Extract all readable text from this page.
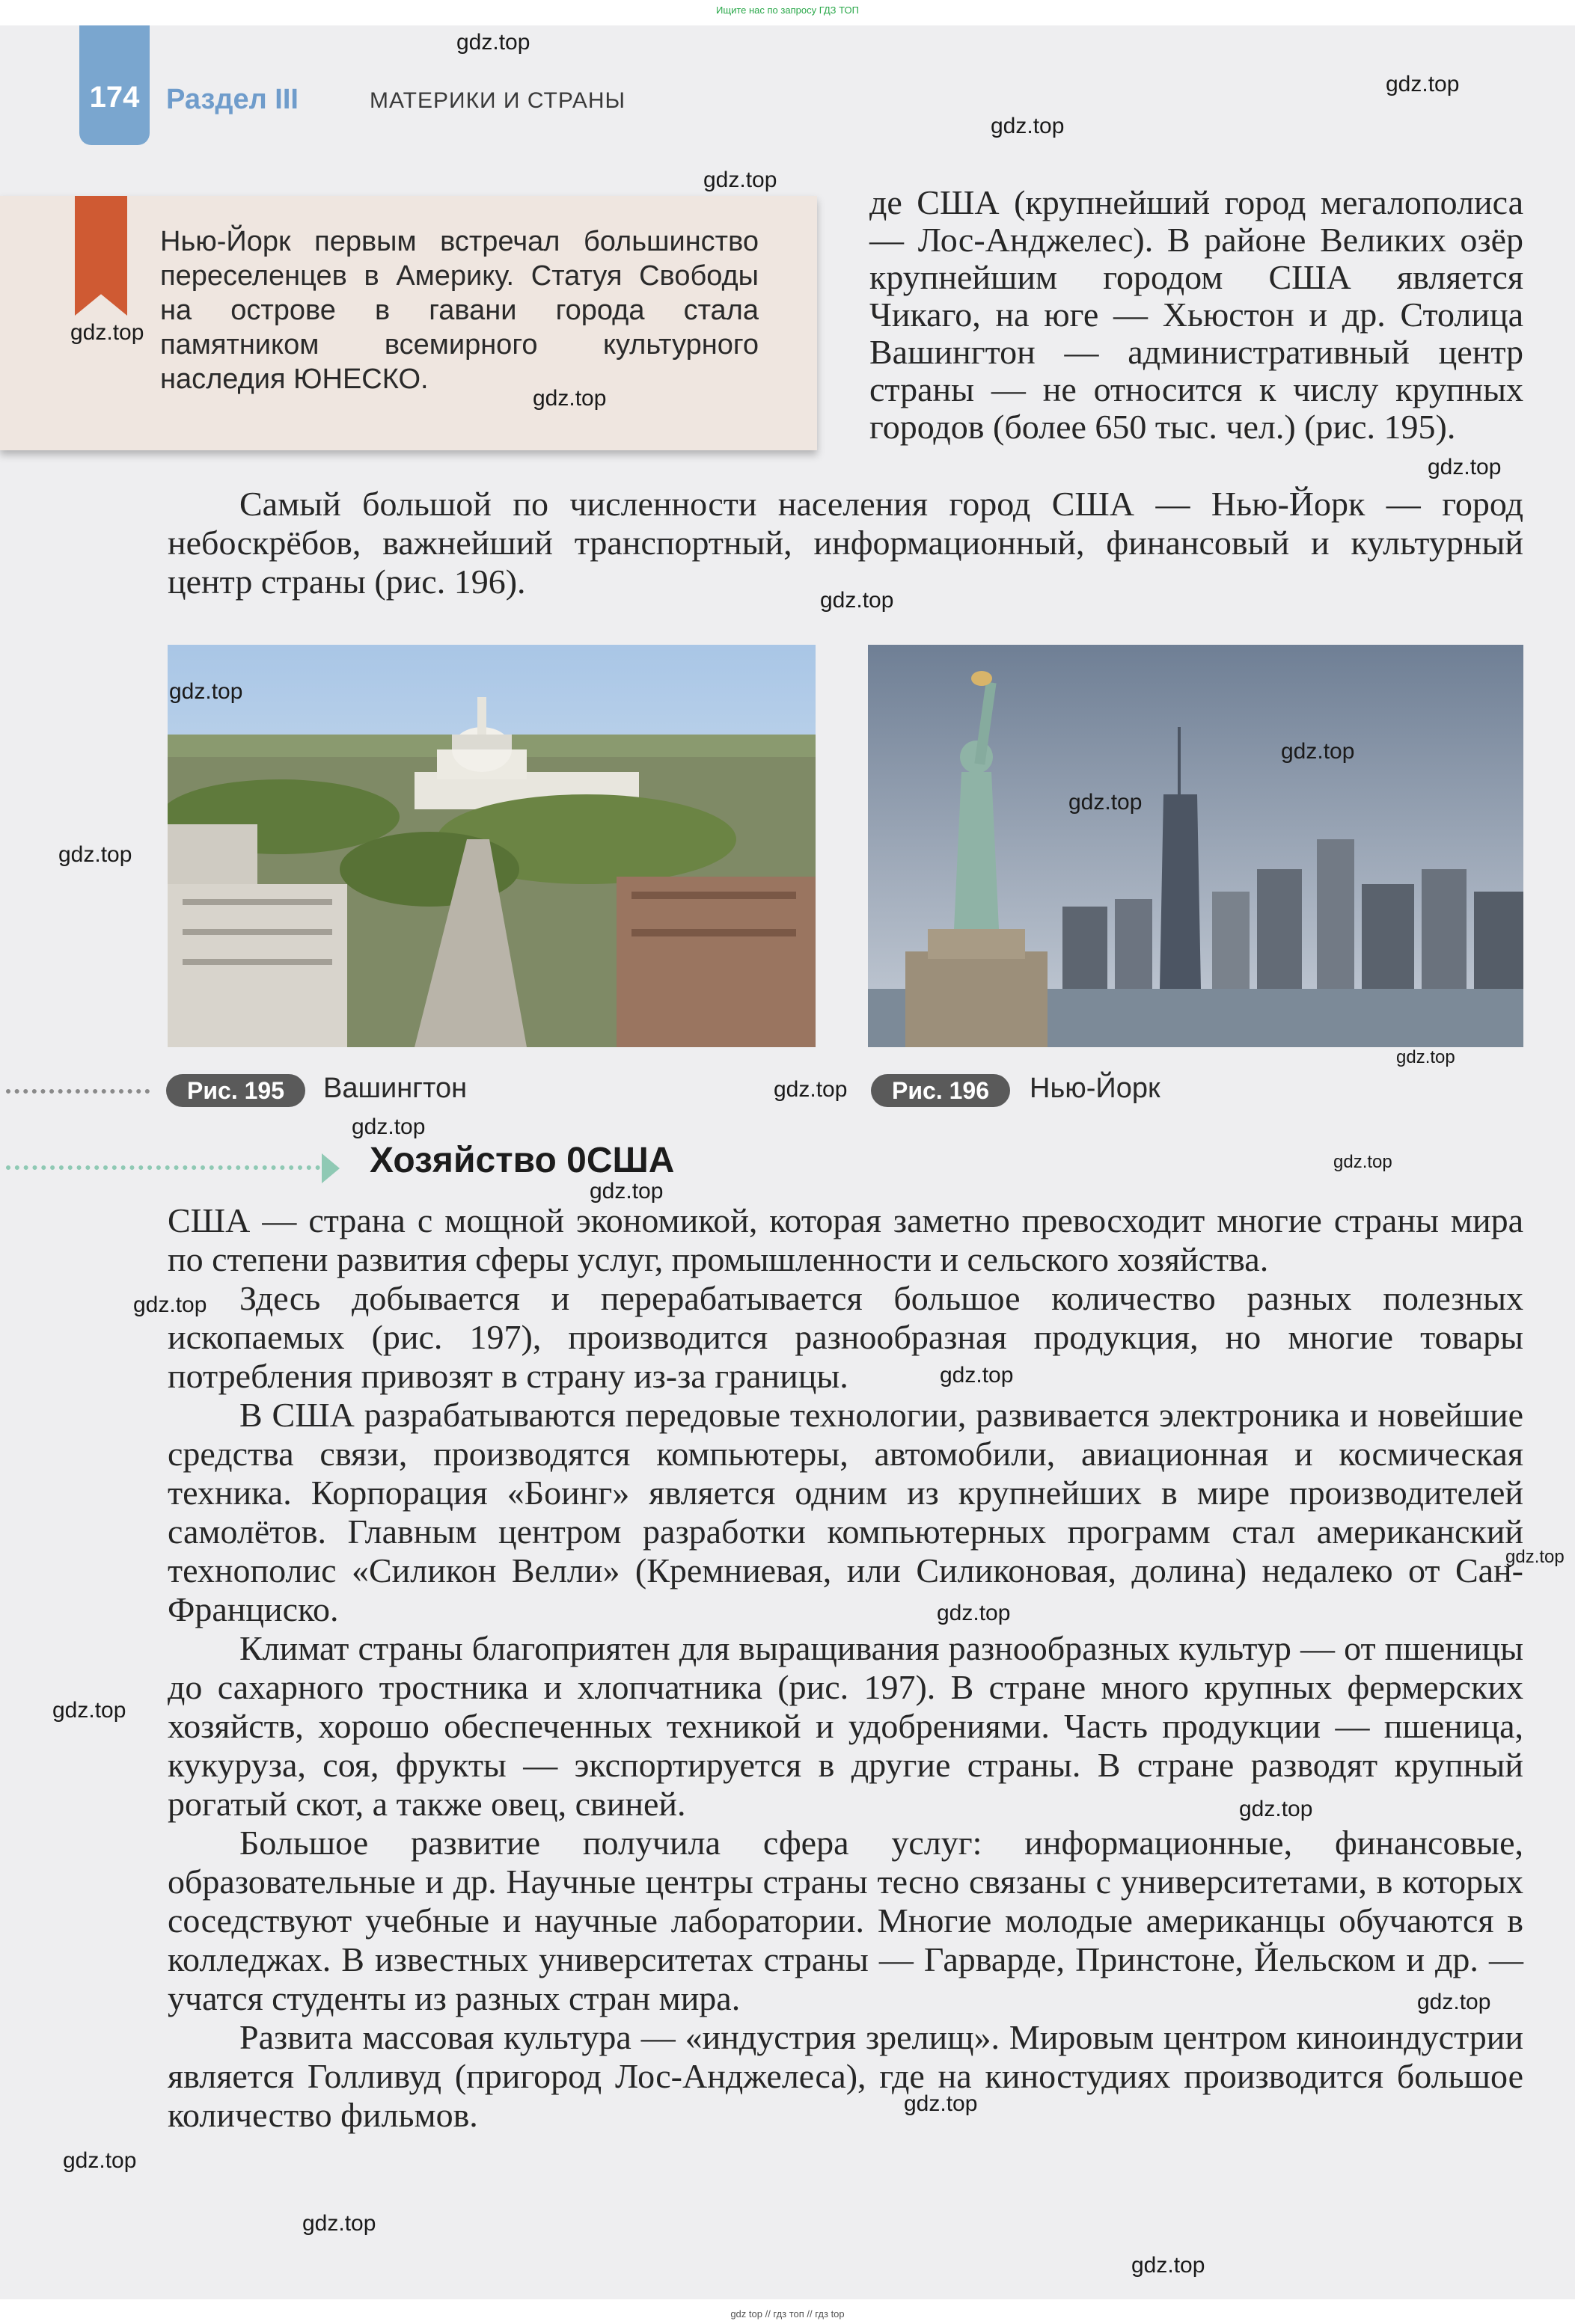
Ищите нас по запросу ГДЗ ТОП
174 Раздел III	МАТЕРИКИ И СТРАНЫ
Нью-Йорк первым встречал большинство переселенцев в Америку. Статуя Свободы на острове в гавани города стала памятником всемирного культурного наследия ЮНЕСКО.
де США (крупнейший город мегалополиса — Лос-Анджелес). В районе Великих озёр крупнейшим городом США является Чикаго, на юге — Хьюстон и др. Столица Вашингтон — административный центр страны — не относится к числу крупных городов (более 650 тыс. чел.) (рис. 195).
Самый большой по численности населения город США — Нью-Йорк — город небоскрёбов, важнейший транспортный, информационный, финансовый и культурный центр страны (рис. 196).
Рис. 195	Вашингтон	Рис. 196	Нью-Йорк
Хозяйство 0США
США — страна с мощной экономикой, которая заметно превосходит многие страны мира по степени развития сферы услуг, промышленности и сельского хозяйства.
Здесь добывается и перерабатывается большое количество разных полезных ископаемых (рис. 197), производится разнообразная продукция, но многие товары потребления привозят в страну из-за границы.
В США разрабатываются передовые технологии, развивается электроника и новейшие средства связи, производятся компьютеры, автомобили, авиационная и космическая техника. Корпорация «Боинг» является одним из крупнейших в мире производителей самолётов. Главным центром разработки компьютерных программ стал американский технополис «Силикон Велли» (Кремниевая, или Силиконовая, долина) недалеко от Сан-Франциско.
Климат страны благоприятен для выращивания разнообразных культур — от пшеницы до сахарного тростника и хлопчатника (рис. 197). В стране много крупных фермерских хозяйств, хорошо обеспеченных техникой и удобрениями. Часть продукции — пшеница, кукуруза, соя, фрукты — экспортируется в другие страны. В стране разводят крупный рогатый скот, а также овец, свиней.
Большое развитие получила сфера услуг: информационные, финансовые, образовательные и др. Научные центры страны тесно связаны с университетами, в которых соседствуют учебные и научные лаборатории. Многие молодые американцы обучаются в колледжах. В известных университетах страны — Гарварде, Принстоне, Йельском и др. — учатся студенты из разных стран мира.
Развита массовая культура — «индустрия зрелищ». Мировым центром киноиндустрии является Голливуд (пригород Лос-Анджелеса), где на киностудиях производится большое количество фильмов.
gdz.top
gdz.top
gdz.top
gdz.top
gdz.top
gdz.top
gdz.top
gdz.top
gdz.top
gdz.top
gdz.top
gdz.top
gdz.top
gdz.top
gdz.top
gdz.top
gdz.top
gdz.top
gdz.top
gdz.top
gdz.top
gdz.top
gdz.top
gdz.top
gdz.top
gdz.top
gdz.top
gdz.top
gdz top // гдз топ // гдз top
